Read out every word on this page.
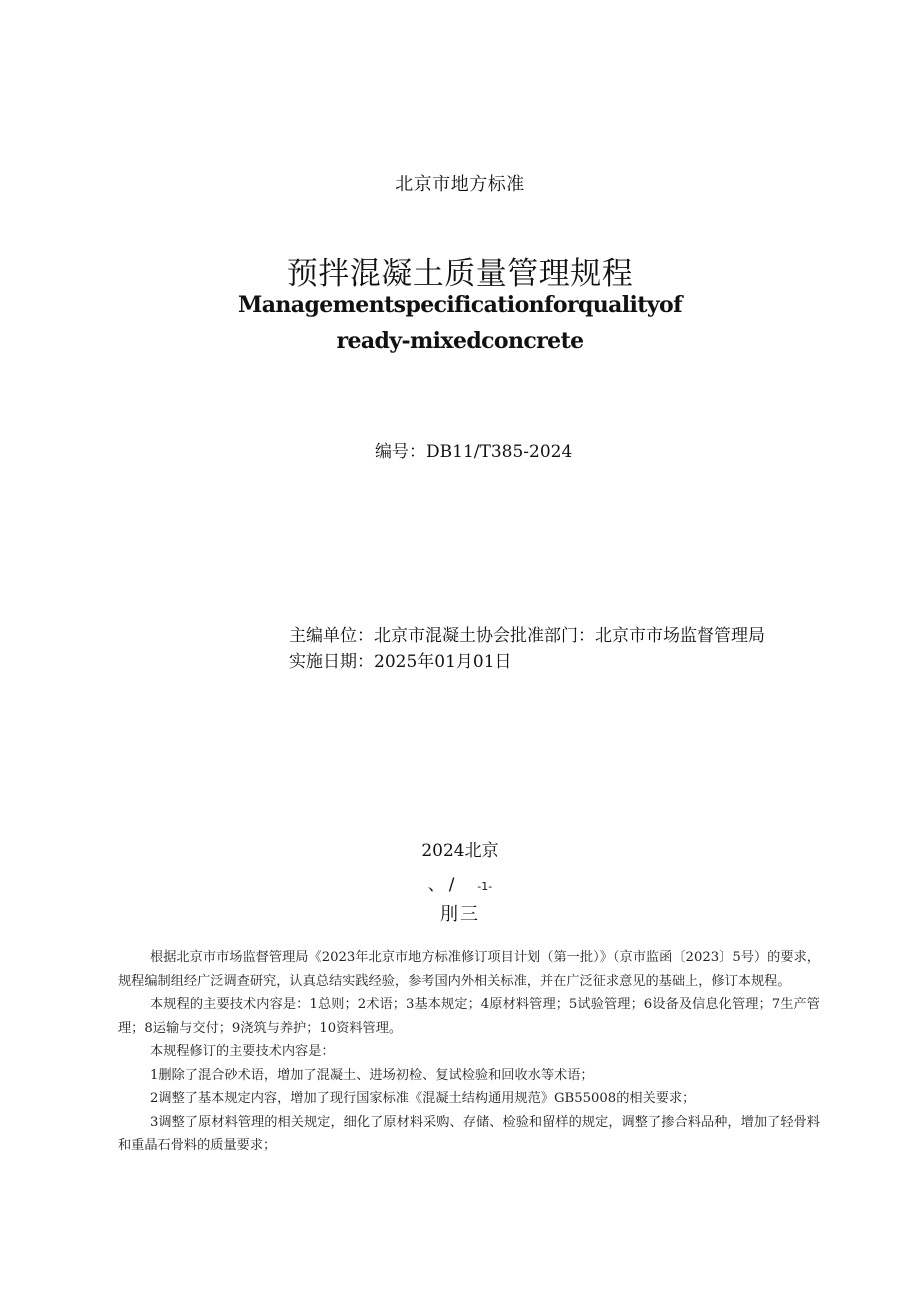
北京市地方标准
预拌混凝土质量管理规程
Managementspecificationforqualityof
ready-mixedconcrete
编号：DB11/T385-2024
主编单位：北京市混凝土协会批准部门：北京市市场监督管理局
实施日期：2025年01月01日
2024北京
、/ -1-
刖三

根据北京市市场监督管理局《2023年北京市地方标准修订项目计划（第一批）》（京市监函〔2023〕5号）的要求，规程编制组经广泛调查研究，认真总结实践经验，参考国内外相关标准，并在广泛征求意见的基础上，修订本规程。

本规程的主要技术内容是：1总则；2术语；3基本规定；4原材料管理；5试验管理；6设备及信息化管理；7生产管理；8运输与交付；9浇筑与养护；10资料管理。

本规程修订的主要技术内容是：

1删除了混合砂术语，增加了混凝土、进场初检、复试检验和回收水等术语；

2调整了基本规定内容，增加了现行国家标准《混凝土结构通用规范》GB55008的相关要求；

3调整了原材料管理的相关规定，细化了原材料采购、存储、检验和留样的规定，调整了掺合料品种，增加了轻骨料和重晶石骨料的质量要求；
